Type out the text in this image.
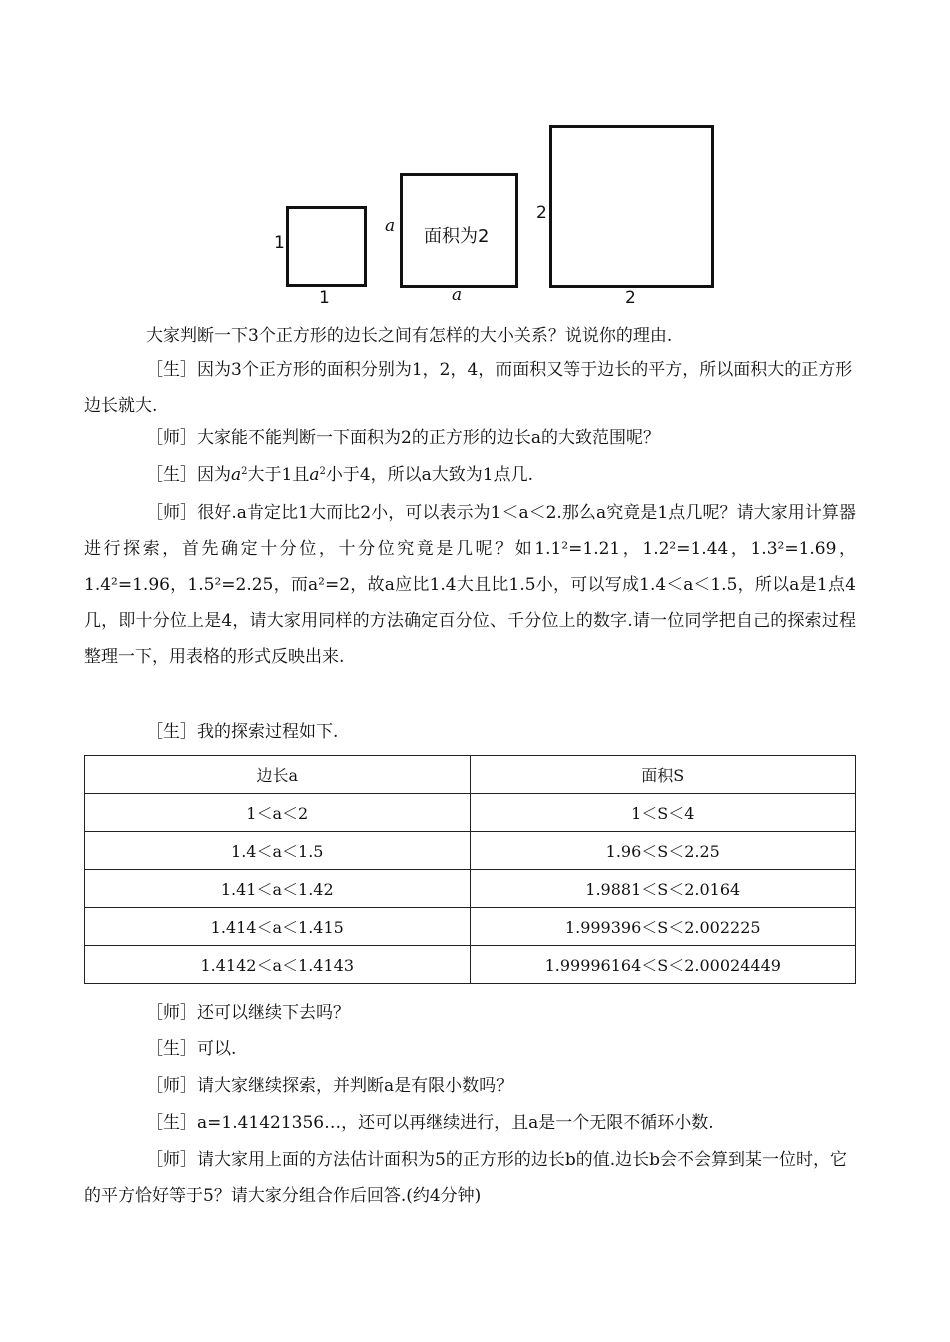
1
1
a 面积为2
a
2
2
大家判断一下3个正方形的边长之间有怎样的大小关系？说说你的理由.
［生］因为3个正方形的面积分别为1，2，4，而面积又等于边长的平方，所以面积大的正方形边长就大.
［师］大家能不能判断一下面积为2的正方形的边长a的大致范围呢？
［生］因为$a^2$大于1且$a^2$小于4，所以a大致为1点几.
［师］很好.a肯定比1大而比2小，可以表示为1＜a＜2.那么a究竟是1点几呢？请大家用计算器进行探索，首先确定十分位，十分位究竟是几呢？如1.1²=1.21，1.2²=1.44，1.3²=1.69，1.4²=1.96，1.5²=2.25，而a²=2，故a应比1.4大且比1.5小，可以写成1.4＜a＜1.5，所以a是1点4几，即十分位上是4，请大家用同样的方法确定百分位、千分位上的数字.请一位同学把自己的探索过程整理一下，用表格的形式反映出来.
［生］我的探索过程如下.
边长a	面积S
1＜a＜2	1＜S＜4
1.4＜a＜1.5	1.96＜S＜2.25
1.41＜a＜1.42	1.9881＜S＜2.0164
1.414＜a＜1.415	1.999396＜S＜2.002225
1.4142＜a＜1.4143	1.99996164＜S＜2.00024449
［师］还可以继续下去吗？
［生］可以.
［师］请大家继续探索，并判断a是有限小数吗？
［生］a=1.41421356…，还可以再继续进行，且a是一个无限不循环小数.
［师］请大家用上面的方法估计面积为5的正方形的边长b的值.边长b会不会算到某一位时，它的平方恰好等于5？请大家分组合作后回答.(约4分钟)
